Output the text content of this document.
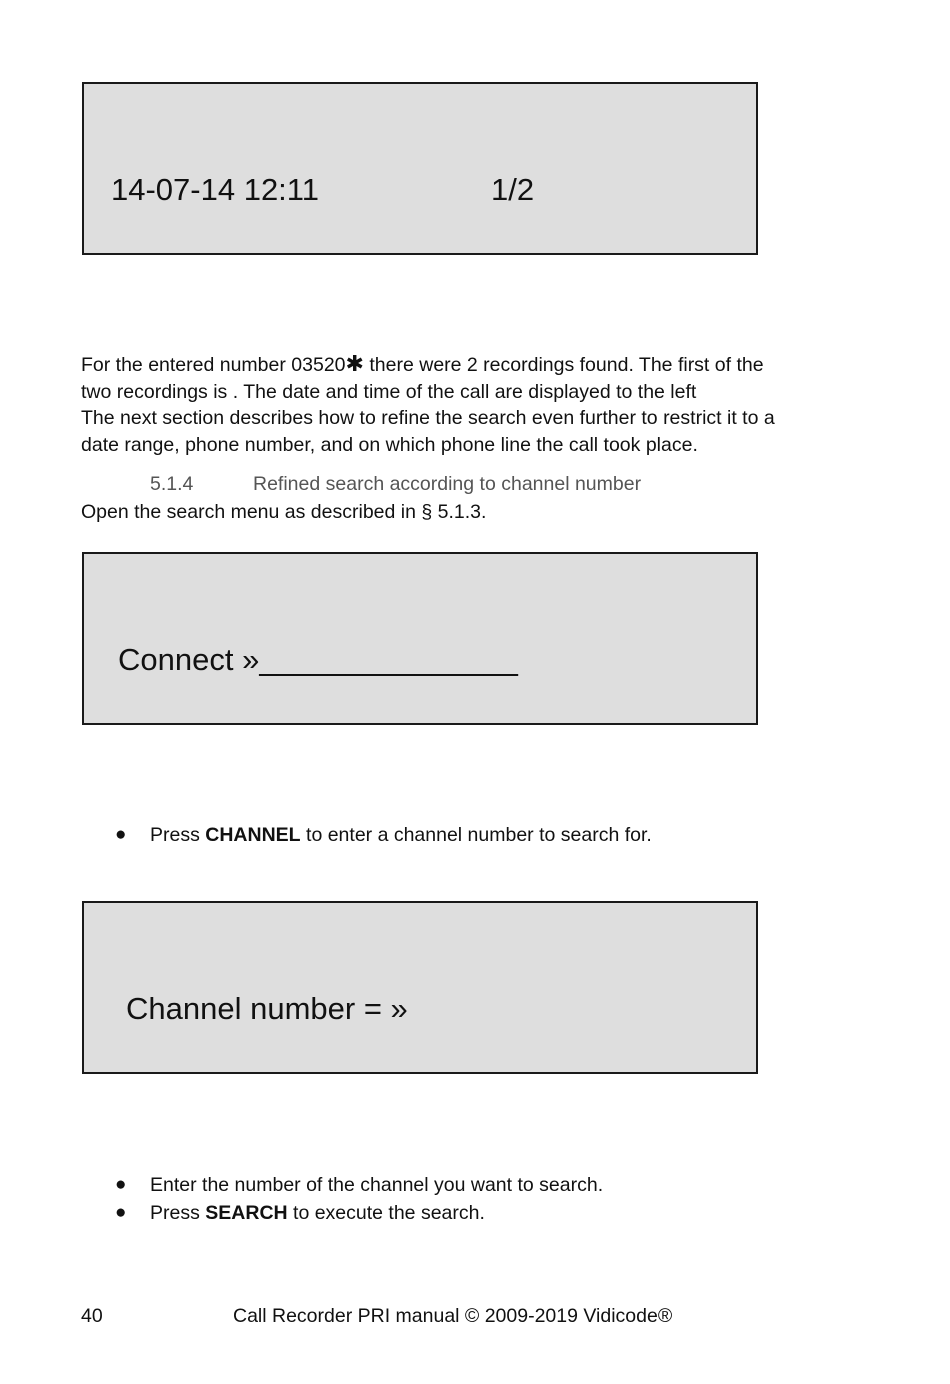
14-07-14 12:11	1/2
For the entered number 03520✱ there were 2 recordings found. The first of the
two recordings is . The date and time of the call are displayed to the left
The next section describes how to refine the search even further to restrict it to a
date range, phone number, and on which phone line the call took place.
5.1.4	Refined search according to channel number
Open the search menu as described in § 5.1.3.
Connect »_______________
● Press CHANNEL to enter a channel number to search for.
Channel number = »
● Enter the number of the channel you want to search.
● Press SEARCH to execute the search.
40	Call Recorder PRI manual © 2009-2019 Vidicode®
